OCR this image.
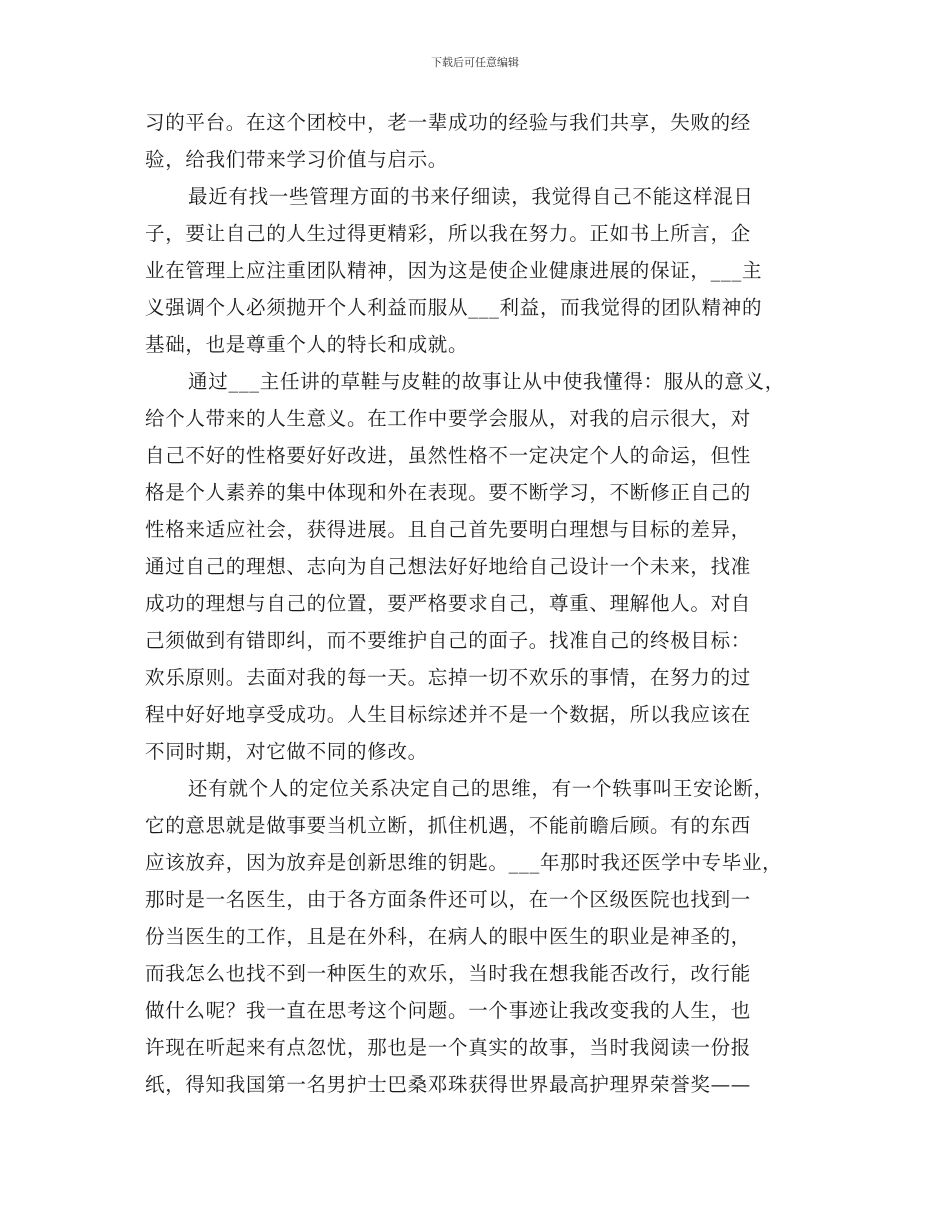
下载后可任意编辑
习的平台。在这个团校中，老一辈成功的经验与我们共享，失败的经
验，给我们带来学习价值与启示。
最近有找一些管理方面的书来仔细读，我觉得自己不能这样混日
子，要让自己的人生过得更精彩，所以我在努力。正如书上所言，企
业在管理上应注重团队精神，因为这是使企业健康进展的保证，___主
义强调个人必须抛开个人利益而服从___利益，而我觉得的团队精神的
基础，也是尊重个人的特长和成就。
通过___主任讲的草鞋与皮鞋的故事让从中使我懂得：服从的意义，
给个人带来的人生意义。在工作中要学会服从，对我的启示很大，对
自己不好的性格要好好改进，虽然性格不一定决定个人的命运，但性
格是个人素养的集中体现和外在表现。要不断学习，不断修正自己的
性格来适应社会，获得进展。且自己首先要明白理想与目标的差异，
通过自己的理想、志向为自己想法好好地给自己设计一个未来，找准
成功的理想与自己的位置，要严格要求自己，尊重、理解他人。对自
己须做到有错即纠，而不要维护自己的面子。找准自己的终极目标：
欢乐原则。去面对我的每一天。忘掉一切不欢乐的事情，在努力的过
程中好好地享受成功。人生目标综述并不是一个数据，所以我应该在
不同时期，对它做不同的修改。
还有就个人的定位关系决定自己的思维，有一个轶事叫王安论断，
它的意思就是做事要当机立断，抓住机遇，不能前瞻后顾。有的东西
应该放弃，因为放弃是创新思维的钥匙。___年那时我还医学中专毕业，
那时是一名医生，由于各方面条件还可以，在一个区级医院也找到一
份当医生的工作，且是在外科，在病人的眼中医生的职业是神圣的，
而我怎么也找不到一种医生的欢乐，当时我在想我能否改行，改行能
做什么呢？我一直在思考这个问题。一个事迹让我改变我的人生，也
许现在听起来有点忽忧，那也是一个真实的故事，当时我阅读一份报
纸，得知我国第一名男护士巴桑邓珠获得世界最高护理界荣誉奖——
